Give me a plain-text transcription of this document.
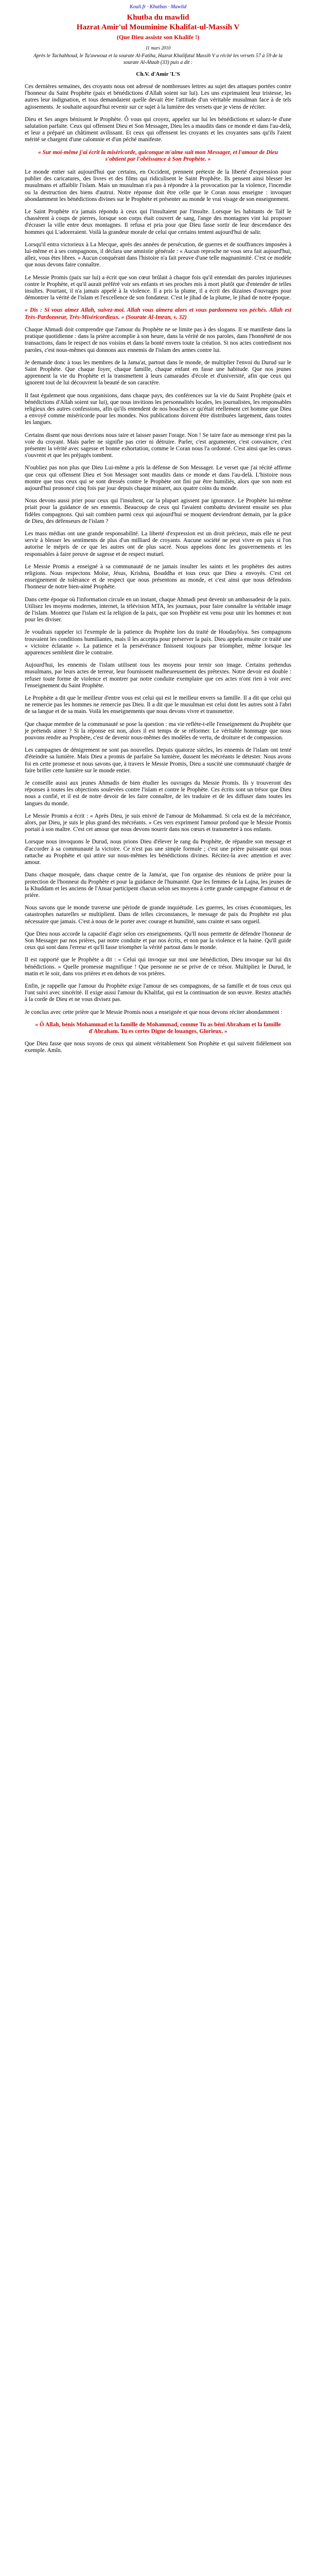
Kouli.fr · Khutbas · Mawlid
Khutba du mawlid
Hazrat Amir'ul Mouminine Khalifat-ul-Massih V
(Que Dieu assiste son Khalife !)
11 mars 2010
Après le Tachahhoud, le Ta'awwouz et la sourate Al-Fatiha, Hazrat Khalifatul Massih V a récité les versets 57 à 59 de la sourate Al-Ahzab (33) puis a dit :
Ch.V. d'Amir 'L'S

Ces dernières semaines, des croyants nous ont adressé de nombreuses lettres au sujet des attaques portées contre l'honneur du Saint Prophète (paix et bénédictions d'Allah soient sur lui). Les uns exprimaient leur tristesse, les autres leur indignation, et tous demandaient quelle devait être l'attitude d'un véritable musulman face à de tels agissements. Je souhaite aujourd'hui revenir sur ce sujet à la lumière des versets que je viens de réciter.

Dieu et Ses anges bénissent le Prophète. Ô vous qui croyez, appelez sur lui les bénédictions et saluez-le d'une salutation parfaite. Ceux qui offensent Dieu et Son Messager, Dieu les a maudits dans ce monde et dans l'au-delà, et leur a préparé un châtiment avilissant. Et ceux qui offensent les croyants et les croyantes sans qu'ils l'aient mérité se chargent d'une calomnie et d'un péché manifeste.

« Sur moi-même j'ai écrit la miséricorde, quiconque m'aime suit mon Messager, et l'amour de Dieu s'obtient par l'obéissance à Son Prophète. »

Le monde entier sait aujourd'hui que certains, en Occident, prennent prétexte de la liberté d'expression pour publier des caricatures, des livres et des films qui ridiculisent le Saint Prophète. Ils pensent ainsi blesser les musulmans et affaiblir l'islam. Mais un musulman n'a pas à répondre à la provocation par la violence, l'incendie ou la destruction des biens d'autrui. Notre réponse doit être celle que le Coran nous enseigne : invoquer abondamment les bénédictions divines sur le Prophète et présenter au monde le vrai visage de son enseignement.

Le Saint Prophète n'a jamais répondu à ceux qui l'insultaient par l'insulte. Lorsque les habitants de Taïf le chassèrent à coups de pierres, lorsque son corps était couvert de sang, l'ange des montagnes vint lui proposer d'écraser la ville entre deux montagnes. Il refusa et pria pour que Dieu fasse sortir de leur descendance des hommes qui L'adoreraient. Voilà la grandeur morale de celui que certains tentent aujourd'hui de salir.

Lorsqu'il entra victorieux à La Mecque, après des années de persécution, de guerres et de souffrances imposées à lui-même et à ses compagnons, il déclara une amnistie générale : « Aucun reproche ne vous sera fait aujourd'hui, allez, vous êtes libres. » Aucun conquérant dans l'histoire n'a fait preuve d'une telle magnanimité. C'est ce modèle que nous devons faire connaître.

Le Messie Promis (paix sur lui) a écrit que son cœur brûlait à chaque fois qu'il entendait des paroles injurieuses contre le Prophète, et qu'il aurait préféré voir ses enfants et ses proches mis à mort plutôt que d'entendre de telles insultes. Pourtant, il n'a jamais appelé à la violence. Il a pris la plume, il a écrit des dizaines d'ouvrages pour démontrer la vérité de l'islam et l'excellence de son fondateur. C'est le jihad de la plume, le jihad de notre époque.

« Dis : Si vous aimez Allah, suivez-moi. Allah vous aimera alors et vous pardonnera vos péchés. Allah est Très-Pardonneur, Très-Miséricordieux. » (Sourate Al-Imran, v. 32)

Chaque Ahmadi doit comprendre que l'amour du Prophète ne se limite pas à des slogans. Il se manifeste dans la pratique quotidienne : dans la prière accomplie à son heure, dans la vérité de nos paroles, dans l'honnêteté de nos transactions, dans le respect de nos voisins et dans la bonté envers toute la création. Si nos actes contredisent nos paroles, c'est nous-mêmes qui donnons aux ennemis de l'islam des armes contre lui.

Je demande donc à tous les membres de la Jama'at, partout dans le monde, de multiplier l'envoi du Durud sur le Saint Prophète. Que chaque foyer, chaque famille, chaque enfant en fasse une habitude. Que nos jeunes apprennent la vie du Prophète et la transmettent à leurs camarades d'école et d'université, afin que ceux qui ignorent tout de lui découvrent la beauté de son caractère.

Il faut également que nous organisions, dans chaque pays, des conférences sur la vie du Saint Prophète (paix et bénédictions d'Allah soient sur lui), que nous invitions les personnalités locales, les journalistes, les responsables religieux des autres confessions, afin qu'ils entendent de nos bouches ce qu'était réellement cet homme que Dieu a envoyé comme miséricorde pour les mondes. Nos publications doivent être distribuées largement, dans toutes les langues.

Certains disent que nous devrions nous taire et laisser passer l'orage. Non ! Se taire face au mensonge n'est pas la voie du croyant. Mais parler ne signifie pas crier ni détruire. Parler, c'est argumenter, c'est convaincre, c'est présenter la vérité avec sagesse et bonne exhortation, comme le Coran nous l'a ordonné. C'est ainsi que les cœurs s'ouvrent et que les préjugés tombent.

N'oubliez pas non plus que Dieu Lui-même a pris la défense de Son Messager. Le verset que j'ai récité affirme que ceux qui offensent Dieu et Son Messager sont maudits dans ce monde et dans l'au-delà. L'histoire nous montre que tous ceux qui se sont dressés contre le Prophète ont fini par être humiliés, alors que son nom est aujourd'hui prononcé cinq fois par jour depuis chaque minaret, aux quatre coins du monde.

Nous devons aussi prier pour ceux qui l'insultent, car la plupart agissent par ignorance. Le Prophète lui-même priait pour la guidance de ses ennemis. Beaucoup de ceux qui l'avaient combattu devinrent ensuite ses plus fidèles compagnons. Qui sait combien parmi ceux qui aujourd'hui se moquent deviendront demain, par la grâce de Dieu, des défenseurs de l'islam ?

Les mass médias ont une grande responsabilité. La liberté d'expression est un droit précieux, mais elle ne peut servir à blesser les sentiments de plus d'un milliard de croyants. Aucune société ne peut vivre en paix si l'on autorise le mépris de ce que les autres ont de plus sacré. Nous appelons donc les gouvernements et les responsables à faire preuve de sagesse et de respect mutuel.

Le Messie Promis a enseigné à sa communauté de ne jamais insulter les saints et les prophètes des autres religions. Nous respectons Moïse, Jésus, Krishna, Bouddha et tous ceux que Dieu a envoyés. C'est cet enseignement de tolérance et de respect que nous présentons au monde, et c'est ainsi que nous défendons l'honneur de notre bien-aimé Prophète.

Dans cette époque où l'information circule en un instant, chaque Ahmadi peut devenir un ambassadeur de la paix. Utilisez les moyens modernes, internet, la télévision MTA, les journaux, pour faire connaître la véritable image de l'islam. Montrez que l'islam est la religion de la paix, que son Prophète est venu pour unir les hommes et non pour les diviser.

Je voudrais rappeler ici l'exemple de la patience du Prophète lors du traité de Houdaybiya. Ses compagnons trouvaient les conditions humiliantes, mais il les accepta pour préserver la paix. Dieu appela ensuite ce traité une « victoire éclatante ». La patience et la persévérance finissent toujours par triompher, même lorsque les apparences semblent dire le contraire.

Aujourd'hui, les ennemis de l'islam utilisent tous les moyens pour ternir son image. Certains prétendus musulmans, par leurs actes de terreur, leur fournissent malheureusement des prétextes. Notre devoir est double : refuser toute forme de violence et montrer par notre conduite exemplaire que ces actes n'ont rien à voir avec l'enseignement du Saint Prophète.

Le Prophète a dit que le meilleur d'entre vous est celui qui est le meilleur envers sa famille. Il a dit que celui qui ne remercie pas les hommes ne remercie pas Dieu. Il a dit que le musulman est celui dont les autres sont à l'abri de sa langue et de sa main. Voilà les enseignements que nous devons vivre et transmettre.

Que chaque membre de la communauté se pose la question : ma vie reflète-t-elle l'enseignement du Prophète que je prétends aimer ? Si la réponse est non, alors il est temps de se réformer. Le véritable hommage que nous pouvons rendre au Prophète, c'est de devenir nous-mêmes des modèles de vertu, de droiture et de compassion.

Les campagnes de dénigrement ne sont pas nouvelles. Depuis quatorze siècles, les ennemis de l'islam ont tenté d'éteindre sa lumière. Mais Dieu a promis de parfaire Sa lumière, dussent les mécréants le détester. Nous avons foi en cette promesse et nous savons que, à travers le Messie Promis, Dieu a suscité une communauté chargée de faire briller cette lumière sur le monde entier.

Je conseille aussi aux jeunes Ahmadis de bien étudier les ouvrages du Messie Promis. Ils y trouveront des réponses à toutes les objections soulevées contre l'islam et contre le Prophète. Ces écrits sont un trésor que Dieu nous a confié, et il est de notre devoir de les faire connaître, de les traduire et de les diffuser dans toutes les langues du monde.

Le Messie Promis a écrit : « Après Dieu, je suis enivré de l'amour de Mohammad. Si cela est de la mécréance, alors, par Dieu, je suis le plus grand des mécréants. » Ces vers expriment l'amour profond que le Messie Promis portait à son maître. C'est cet amour que nous devons nourrir dans nos cœurs et transmettre à nos enfants.

Lorsque nous invoquons le Durud, nous prions Dieu d'élever le rang du Prophète, de répandre son message et d'accorder à sa communauté la victoire. Ce n'est pas une simple formule ; c'est une prière puissante qui nous rattache au Prophète et qui attire sur nous-mêmes les bénédictions divines. Récitez-la avec attention et avec amour.

Dans chaque mosquée, dans chaque centre de la Jama'at, que l'on organise des réunions de prière pour la protection de l'honneur du Prophète et pour la guidance de l'humanité. Que les femmes de la Lajna, les jeunes de la Khuddam et les anciens de l'Ansar participent chacun selon ses moyens à cette grande campagne d'amour et de prière.

Nous savons que le monde traverse une période de grande inquiétude. Les guerres, les crises économiques, les catastrophes naturelles se multiplient. Dans de telles circonstances, le message de paix du Prophète est plus nécessaire que jamais. C'est à nous de le porter avec courage et humilité, sans crainte et sans orgueil.

Que Dieu nous accorde la capacité d'agir selon ces enseignements. Qu'Il nous permette de défendre l'honneur de Son Messager par nos prières, par notre conduite et par nos écrits, et non par la violence et la haine. Qu'Il guide ceux qui sont dans l'erreur et qu'Il fasse triompher la vérité partout dans le monde.

Il est rapporté que le Prophète a dit : « Celui qui invoque sur moi une bénédiction, Dieu invoque sur lui dix bénédictions. » Quelle promesse magnifique ! Que personne ne se prive de ce trésor. Multipliez le Durud, le matin et le soir, dans vos prières et en dehors de vos prières.

Enfin, je rappelle que l'amour du Prophète exige l'amour de ses compagnons, de sa famille et de tous ceux qui l'ont suivi avec sincérité. Il exige aussi l'amour du Khalifat, qui est la continuation de son œuvre. Restez attachés à la corde de Dieu et ne vous divisez pas.

Je conclus avec cette prière que le Messie Promis nous a enseignée et que nous devons réciter abondamment :

« Ô Allah, bénis Mohammad et la famille de Mohammad, comme Tu as béni Abraham et la famille d'Abraham. Tu es certes Digne de louanges, Glorieux. »

Que Dieu fasse que nous soyons de ceux qui aiment véritablement Son Prophète et qui suivent fidèlement son exemple. Amîn.
